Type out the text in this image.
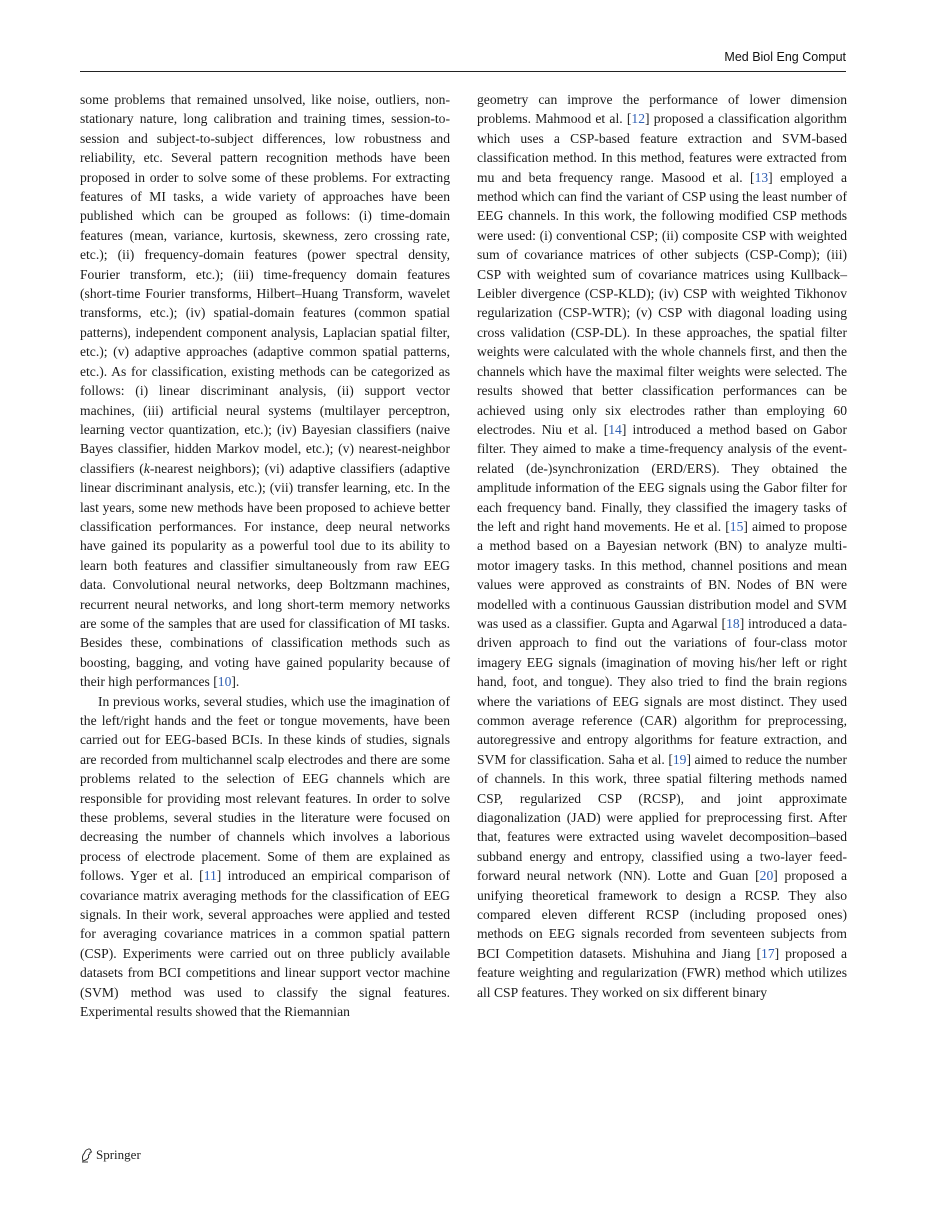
Med Biol Eng Comput

some problems that remained unsolved, like noise, outliers, non-stationary nature, long calibration and training times, session-to-session and subject-to-subject differences, low robustness and reliability, etc. Several pattern recognition methods have been proposed in order to solve some of these problems. For extracting features of MI tasks, a wide variety of approaches have been published which can be grouped as follows: (i) time-domain features (mean, variance, kurtosis, skewness, zero crossing rate, etc.); (ii) frequency-domain features (power spectral density, Fourier transform, etc.); (iii) time-frequency domain features (short-time Fourier transforms, Hilbert–Huang Transform, wavelet transforms, etc.); (iv) spatial-domain features (common spatial patterns), independent component analysis, Laplacian spatial filter, etc.); (v) adaptive approaches (adaptive common spatial patterns, etc.). As for classification, existing methods can be categorized as follows: (i) linear discriminant analysis, (ii) support vector machines, (iii) artificial neural systems (multilayer perceptron, learning vector quantization, etc.); (iv) Bayesian classifiers (naive Bayes classifier, hidden Markov model, etc.); (v) nearest-neighbor classifiers (k-nearest neighbors); (vi) adaptive classifiers (adaptive linear discriminant analysis, etc.); (vii) transfer learning, etc. In the last years, some new methods have been proposed to achieve better classification performances. For instance, deep neural networks have gained its popularity as a powerful tool due to its ability to learn both features and classifier simultaneously from raw EEG data. Convolutional neural networks, deep Boltzmann machines, recurrent neural networks, and long short-term memory networks are some of the samples that are used for classification of MI tasks. Besides these, combinations of classification methods such as boosting, bagging, and voting have gained popularity because of their high performances [10].

In previous works, several studies, which use the imagination of the left/right hands and the feet or tongue movements, have been carried out for EEG-based BCIs. In these kinds of studies, signals are recorded from multichannel scalp electrodes and there are some problems related to the selection of EEG channels which are responsible for providing most relevant features. In order to solve these problems, several studies in the literature were focused on decreasing the number of channels which involves a laborious process of electrode placement. Some of them are explained as follows. Yger et al. [11] introduced an empirical comparison of covariance matrix averaging methods for the classification of EEG signals. In their work, several approaches were applied and tested for averaging covariance matrices in a common spatial pattern (CSP). Experiments were carried out on three publicly available datasets from BCI competitions and linear support vector machine (SVM) method was used to classify the signal features. Experimental results showed that the Riemannian

geometry can improve the performance of lower dimension problems. Mahmood et al. [12] proposed a classification algorithm which uses a CSP-based feature extraction and SVM-based classification method. In this method, features were extracted from mu and beta frequency range. Masood et al. [13] employed a method which can find the variant of CSP using the least number of EEG channels. In this work, the following modified CSP methods were used: (i) conventional CSP; (ii) composite CSP with weighted sum of covariance matrices of other subjects (CSP-Comp); (iii) CSP with weighted sum of covariance matrices using Kullback–Leibler divergence (CSP-KLD); (iv) CSP with weighted Tikhonov regularization (CSP-WTR); (v) CSP with diagonal loading using cross validation (CSP-DL). In these approaches, the spatial filter weights were calculated with the whole channels first, and then the channels which have the maximal filter weights were selected. The results showed that better classification performances can be achieved using only six electrodes rather than employing 60 electrodes. Niu et al. [14] introduced a method based on Gabor filter. They aimed to make a time-frequency analysis of the event-related (de-)synchronization (ERD/ERS). They obtained the amplitude information of the EEG signals using the Gabor filter for each frequency band. Finally, they classified the imagery tasks of the left and right hand movements. He et al. [15] aimed to propose a method based on a Bayesian network (BN) to analyze multi-motor imagery tasks. In this method, channel positions and mean values were approved as constraints of BN. Nodes of BN were modelled with a continuous Gaussian distribution model and SVM was used as a classifier. Gupta and Agarwal [18] introduced a data-driven approach to find out the variations of four-class motor imagery EEG signals (imagination of moving his/her left or right hand, foot, and tongue). They also tried to find the brain regions where the variations of EEG signals are most distinct. They used common average reference (CAR) algorithm for preprocessing, autoregressive and entropy algorithms for feature extraction, and SVM for classification. Saha et al. [19] aimed to reduce the number of channels. In this work, three spatial filtering methods named CSP, regularized CSP (RCSP), and joint approximate diagonalization (JAD) were applied for preprocessing first. After that, features were extracted using wavelet decomposition–based subband energy and entropy, classified using a two-layer feed-forward neural network (NN). Lotte and Guan [20] proposed a unifying theoretical framework to design a RCSP. They also compared eleven different RCSP (including proposed ones) methods on EEG signals recorded from seventeen subjects from BCI Competition datasets. Mishuhina and Jiang [17] proposed a feature weighting and regularization (FWR) method which utilizes all CSP features. They worked on six different binary

Springer
